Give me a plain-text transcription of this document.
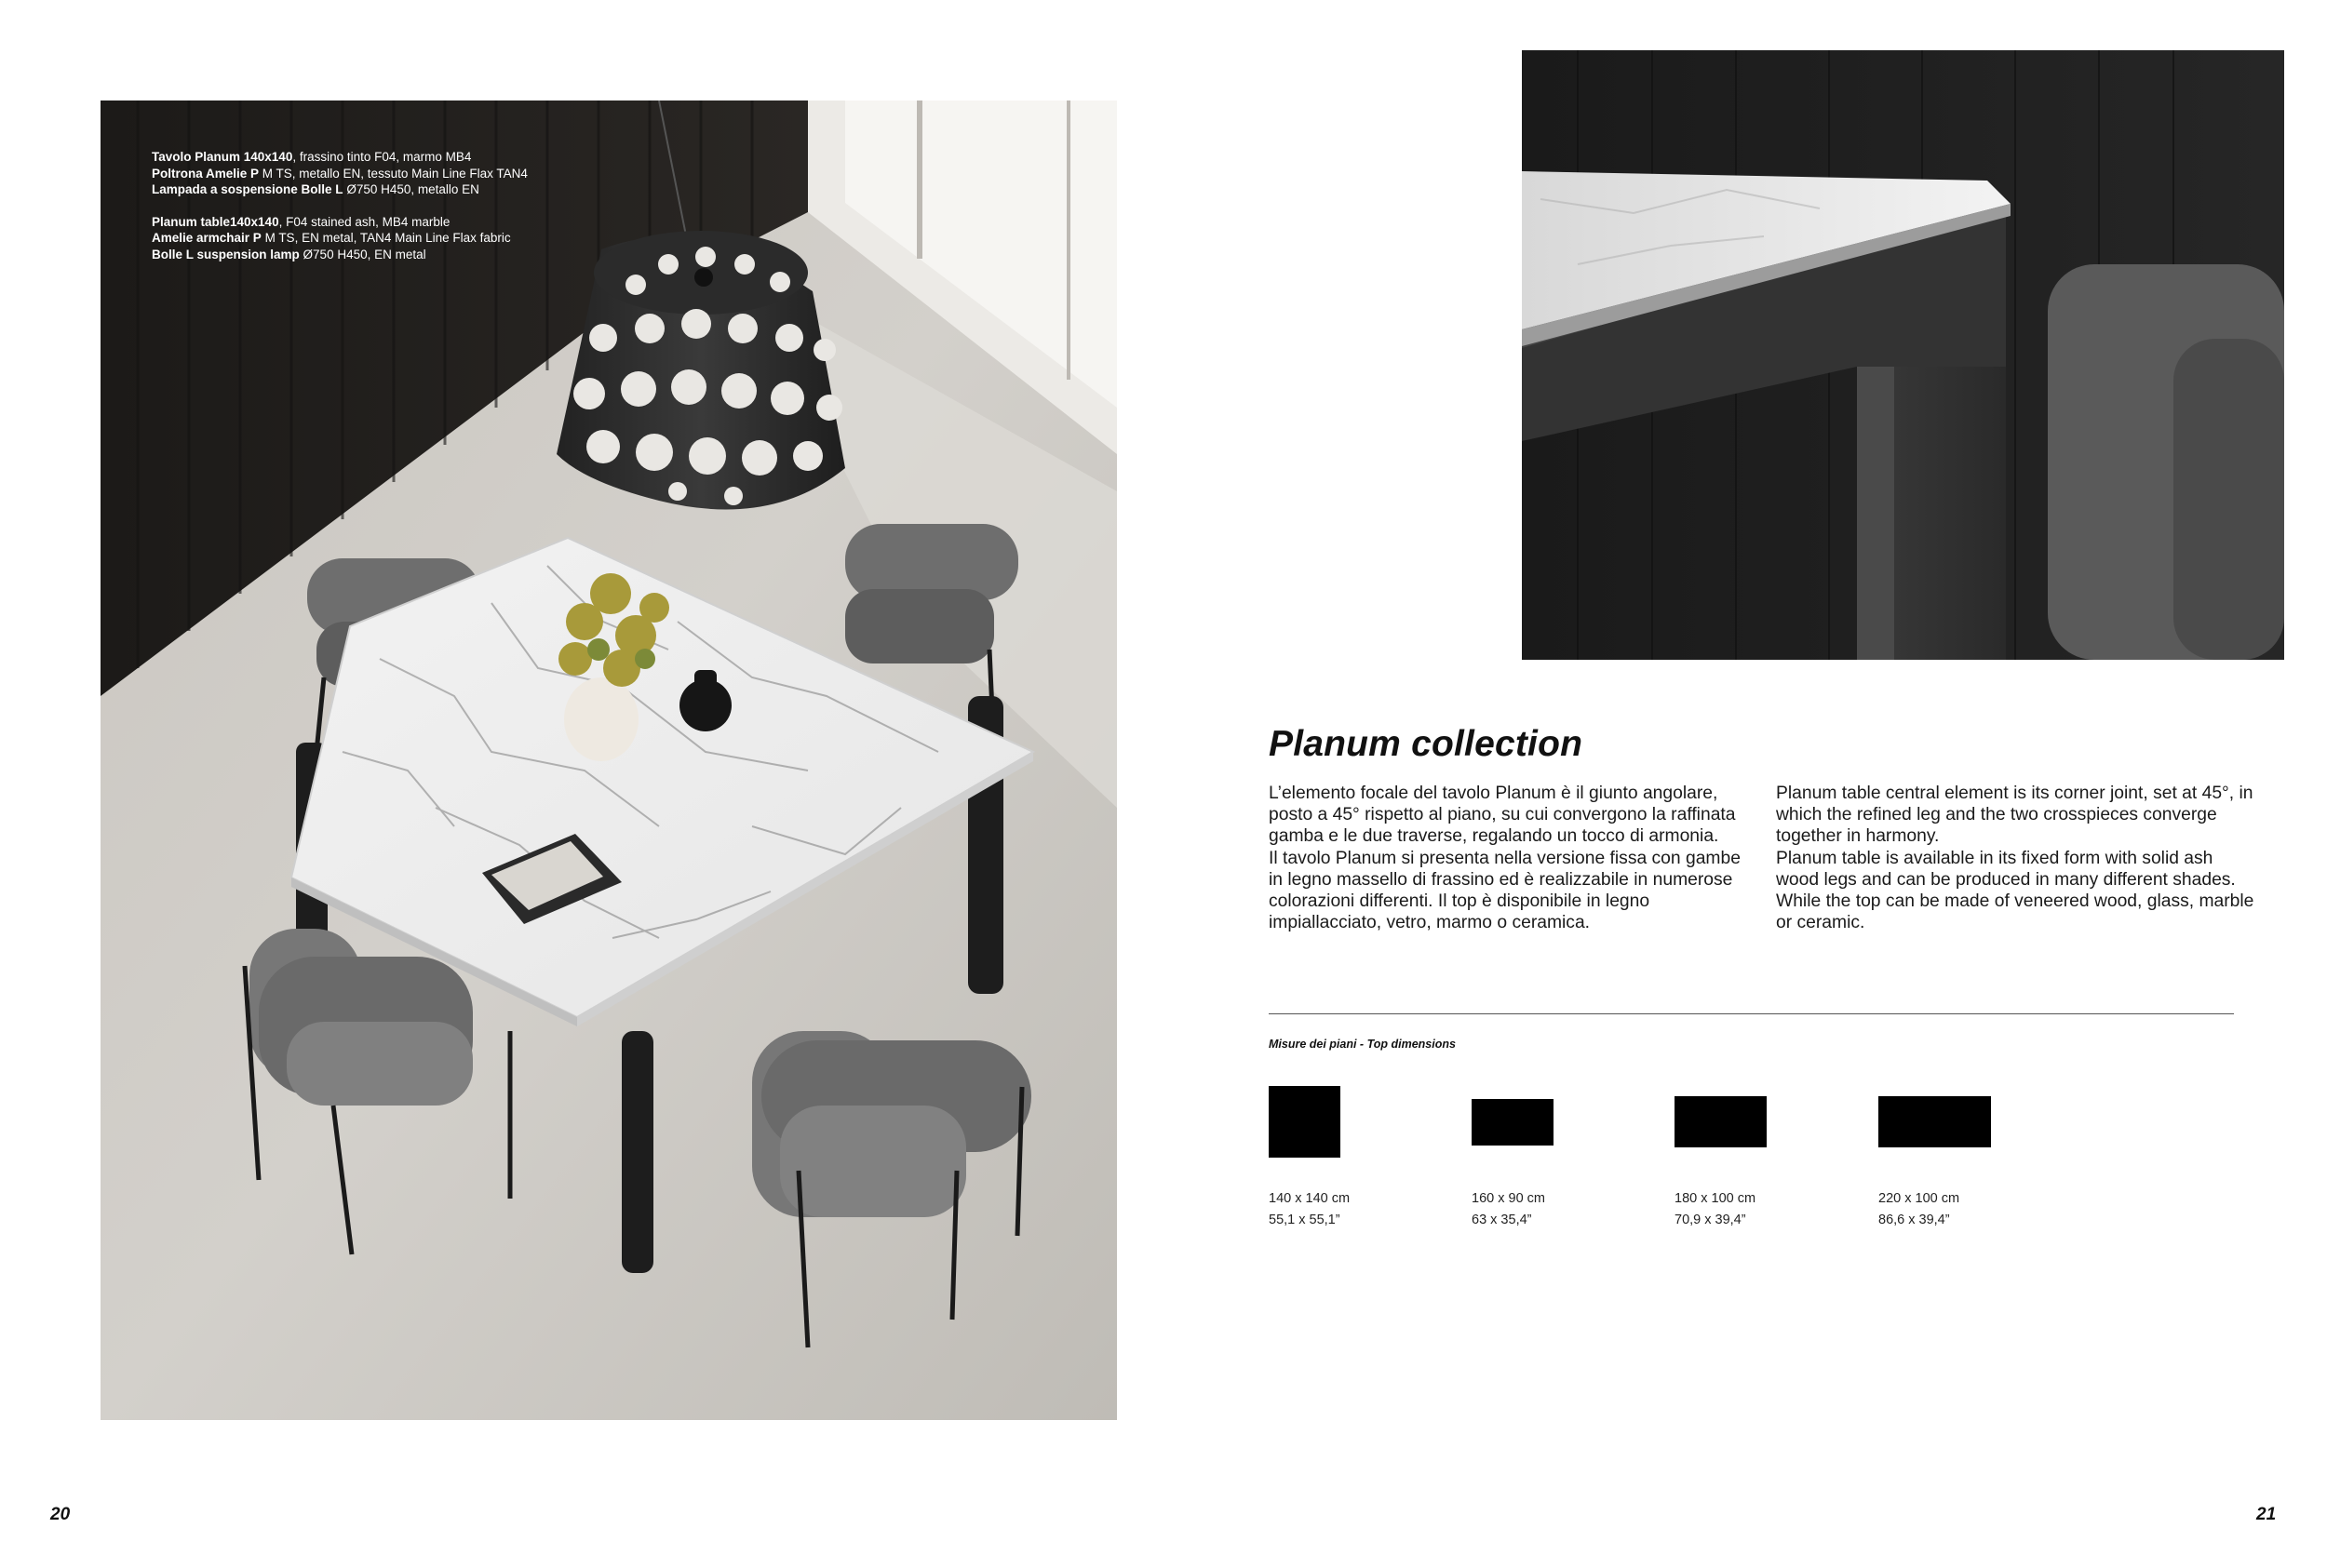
Tavolo Planum 140x140, frassino tinto F04, marmo MB4
Poltrona Amelie P M TS, metallo EN, tessuto Main Line Flax TAN4
Lampada a sospensione Bolle L Ø750 H450, metallo EN
Planum table140x140, F04 stained ash, MB4 marble
Amelie armchair P M TS, EN metal, TAN4 Main Line Flax fabric
Bolle L suspension lamp Ø750 H450, EN metal
Planum collection

L’elemento focale del tavolo Planum è il giunto angolare, posto a 45° rispetto al piano, su cui convergono la raffinata gamba e le due traverse, regalando un tocco di armonia.

Il tavolo Planum si presenta nella versione fissa con gambe in legno massello di frassino ed è realizzabile in numerose colorazioni differenti. Il top è disponibile in legno impiallacciato, vetro, marmo o ceramica.

Planum table central element is its corner joint, set at 45°, in which the refined leg and the two crosspieces converge together in harmony.

Planum table is available in its fixed form with solid ash wood legs and can be produced in many different shades. While the top can be made of veneered wood, glass, marble or ceramic.

Misure dei piani - Top dimensions
140 x 140 cm
55,1 x 55,1”
160 x 90 cm
63 x 35,4”
180 x 100 cm
70,9 x 39,4”
220 x 100 cm
86,6 x 39,4”
20	21
